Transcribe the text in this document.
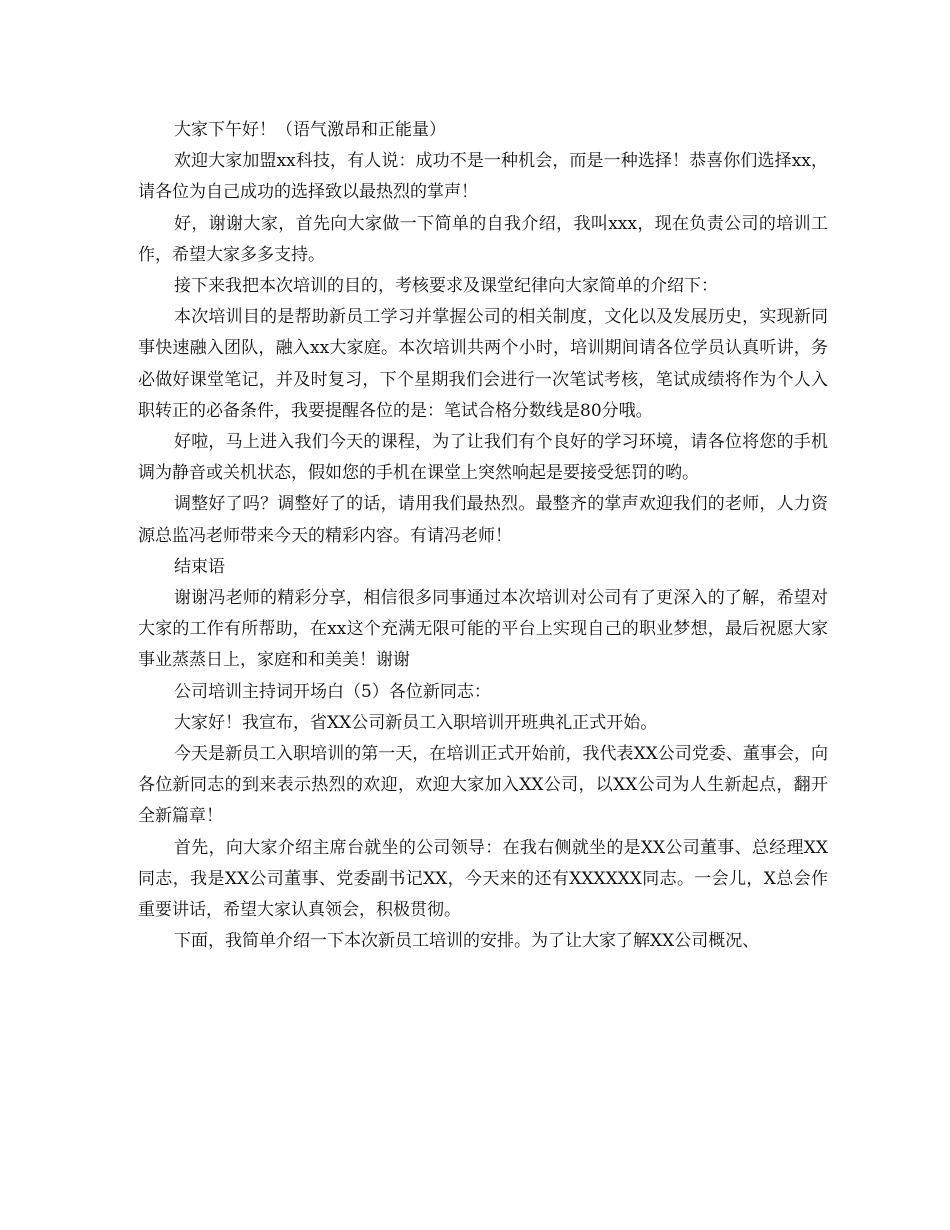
大家下午好！（语气激昂和正能量）

欢迎大家加盟xx科技，有人说：成功不是一种机会，而是一种选择！恭喜你们选择xx，请各位为自己成功的选择致以最热烈的掌声！

好，谢谢大家，首先向大家做一下简单的自我介绍，我叫xxx，现在负责公司的培训工作，希望大家多多支持。

接下来我把本次培训的目的，考核要求及课堂纪律向大家简单的介绍下：

本次培训目的是帮助新员工学习并掌握公司的相关制度，文化以及发展历史，实现新同事快速融入团队，融入xx大家庭。本次培训共两个小时，培训期间请各位学员认真听讲，务必做好课堂笔记，并及时复习，下个星期我们会进行一次笔试考核，笔试成绩将作为个人入职转正的必备条件，我要提醒各位的是：笔试合格分数线是80分哦。

好啦，马上进入我们今天的课程，为了让我们有个良好的学习环境，请各位将您的手机调为静音或关机状态，假如您的手机在课堂上突然响起是要接受惩罚的哟。

调整好了吗？调整好了的话，请用我们最热烈。最整齐的掌声欢迎我们的老师，人力资源总监冯老师带来今天的精彩内容。有请冯老师！

结束语

谢谢冯老师的精彩分享，相信很多同事通过本次培训对公司有了更深入的了解，希望对大家的工作有所帮助，在xx这个充满无限可能的平台上实现自己的职业梦想，最后祝愿大家事业蒸蒸日上，家庭和和美美！谢谢

公司培训主持词开场白（5）各位新同志：

大家好！我宣布，省XX公司新员工入职培训开班典礼正式开始。

今天是新员工入职培训的第一天，在培训正式开始前，我代表XX公司党委、董事会，向各位新同志的到来表示热烈的欢迎，欢迎大家加入XX公司，以XX公司为人生新起点，翻开全新篇章！

首先，向大家介绍主席台就坐的公司领导：在我右侧就坐的是XX公司董事、总经理XX同志，我是XX公司董事、党委副书记XX，今天来的还有XXXXXX同志。一会儿，X总会作重要讲话，希望大家认真领会，积极贯彻。

下面，我简单介绍一下本次新员工培训的安排。为了让大家了解XX公司概况、
